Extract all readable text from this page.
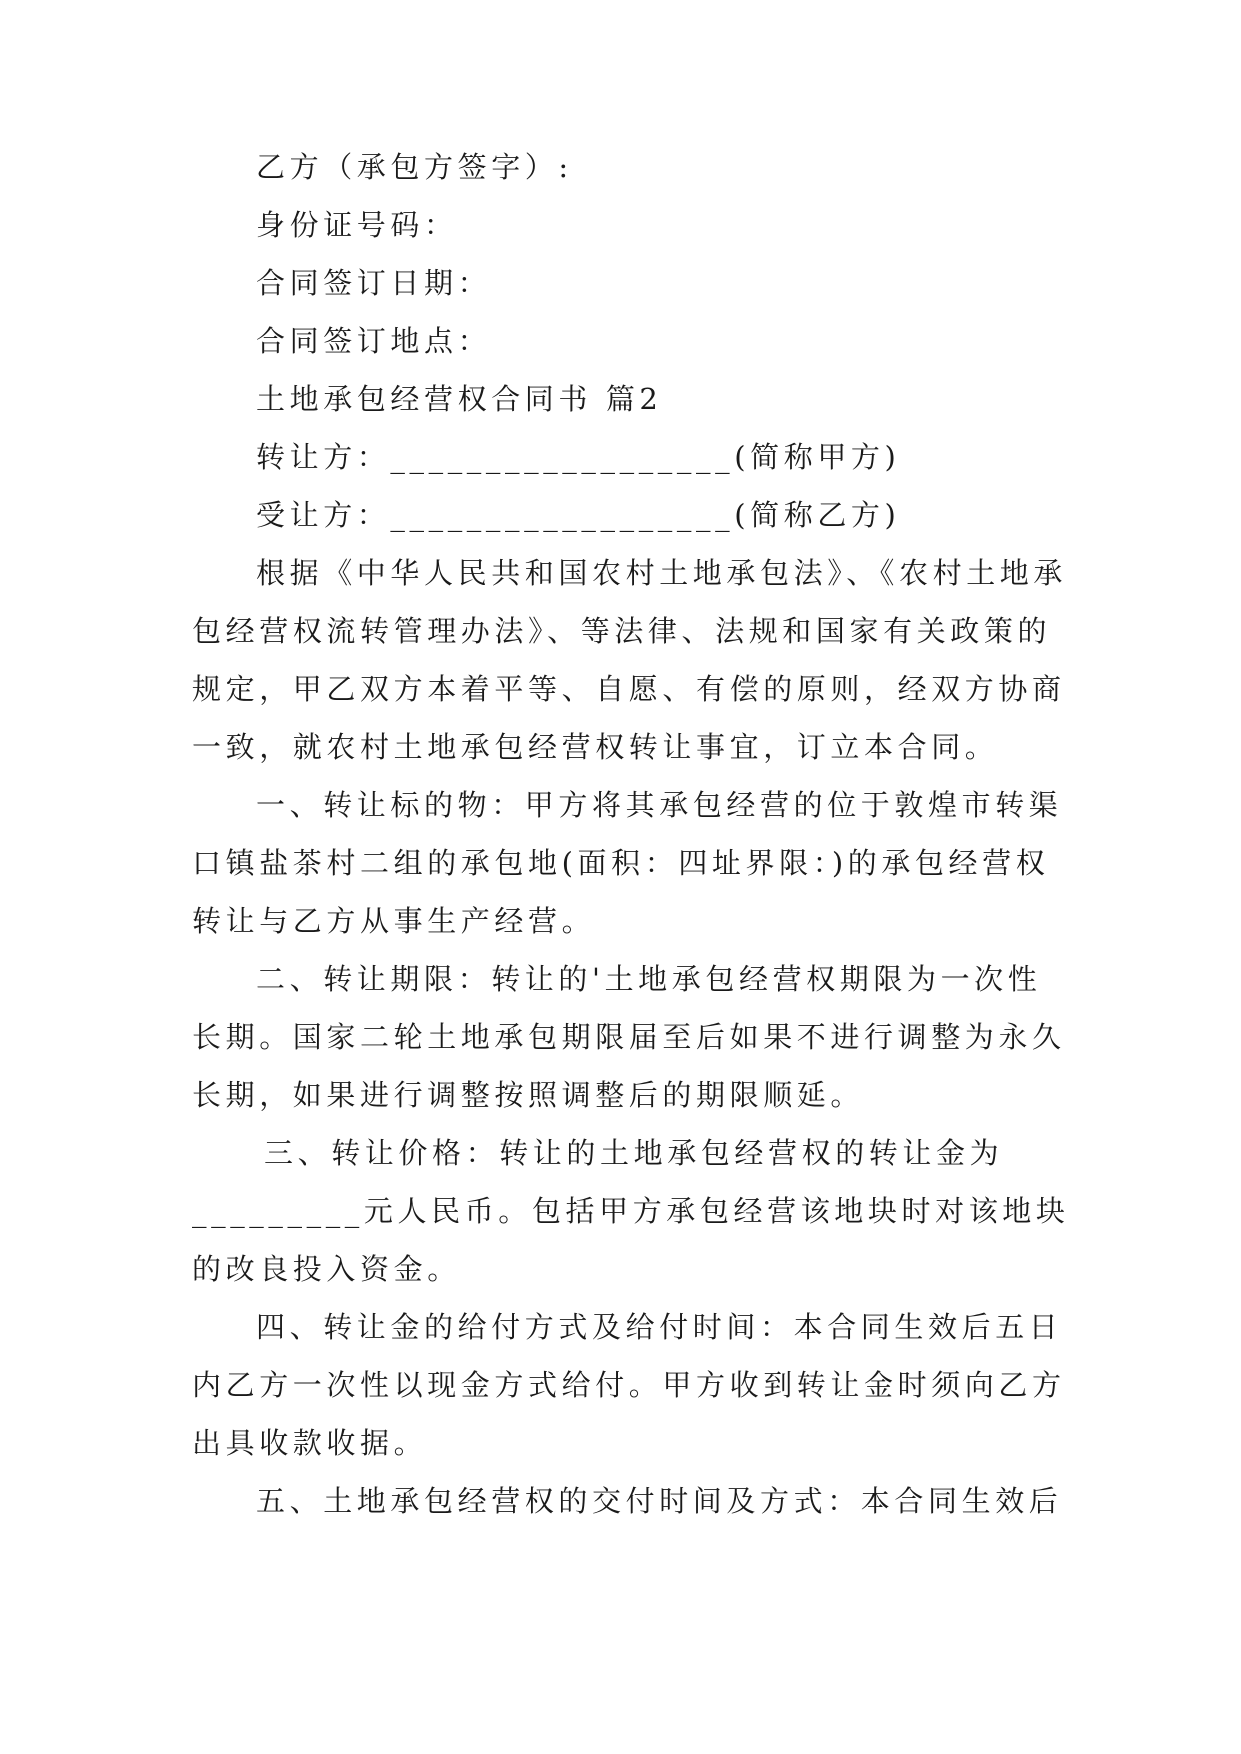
乙方（承包方签字）:
身份证号码：
合同签订日期：
合同签订地点：
土地承包经营权合同书 篇2
转让方：__________________(简称甲方)
受让方：__________________(简称乙方)
根据《中华人民共和国农村土地承包法》、《农村土地承
包经营权流转管理办法》、等法律、法规和国家有关政策的
规定，甲乙双方本着平等、自愿、有偿的原则，经双方协商
一致，就农村土地承包经营权转让事宜，订立本合同。
一、转让标的物：甲方将其承包经营的位于敦煌市转渠
口镇盐茶村二组的承包地(面积：四址界限：)的承包经营权
转让与乙方从事生产经营。
二、转让期限：转让的'土地承包经营权期限为一次性
长期。国家二轮土地承包期限届至后如果不进行调整为永久
长期，如果进行调整按照调整后的期限顺延。
三、转让价格：转让的土地承包经营权的转让金为
_________元人民币。包括甲方承包经营该地块时对该地块
的改良投入资金。
四、转让金的给付方式及给付时间：本合同生效后五日
内乙方一次性以现金方式给付。甲方收到转让金时须向乙方
出具收款收据。
五、土地承包经营权的交付时间及方式：本合同生效后
